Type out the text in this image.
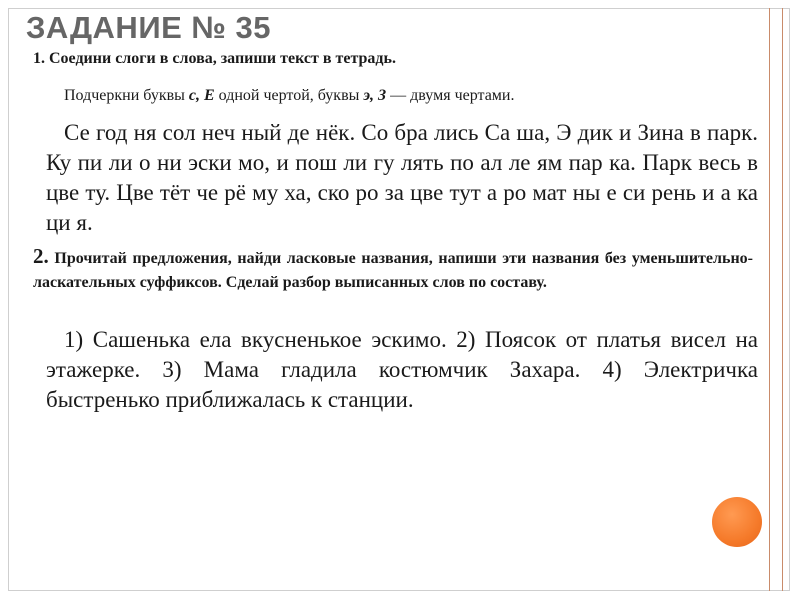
ЗАДАНИЕ № 35
1. Соедини слоги в слова, запиши текст в тетрадь.
Подчеркни буквы с, Е одной чертой, буквы э, З — двумя чертами.

Се год ня сол неч ный де нёк. Со бра лись Са ша, Э дик и Зина в парк. Ку пи ли о ни эски мо, и пош ли гу лять по ал ле ям пар ка. Парк весь в цве ту. Цве тёт че рё му ха, ско ро за цве тут а ро мат ны е си рень и а ка ци я.

2. Прочитай предложения, найди ласковые названия, напиши эти названия без уменьшительно-ласкательных суффиксов. Сделай разбор выписанных слов по составу.

1) Сашенька ела вкусненькое эскимо. 2) Поясок от платья висел на этажерке. 3) Мама гладила костюмчик Захара. 4) Электричка быстренько приближалась к станции.
